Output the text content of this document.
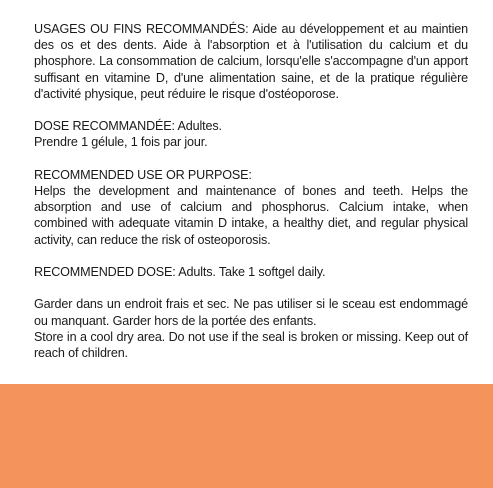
USAGES OU FINS RECOMMANDÉS: Aide au développement et au maintien des os et des dents. Aide à l'absorption et à l'utilisation du calcium et du phosphore. La consommation de calcium, lorsqu'elle s'accompagne d'un apport suffisant en vitamine D, d'une alimentation saine, et de la pratique régulière d'activité physique, peut réduire le risque d'ostéoporose.

DOSE RECOMMANDÉE: Adultes.
Prendre 1 gélule, 1 fois par jour.

RECOMMENDED USE OR PURPOSE:
Helps the development and maintenance of bones and teeth. Helps the absorption and use of calcium and phosphorus. Calcium intake, when combined with adequate vitamin D intake, a healthy diet, and regular physical activity, can reduce the risk of osteoporosis.

RECOMMENDED DOSE: Adults. Take 1 softgel daily.

Garder dans un endroit frais et sec. Ne pas utiliser si le sceau est endommagé ou manquant. Garder hors de la portée des enfants.
Store in a cool dry area. Do not use if the seal is broken or missing. Keep out of reach of children.
